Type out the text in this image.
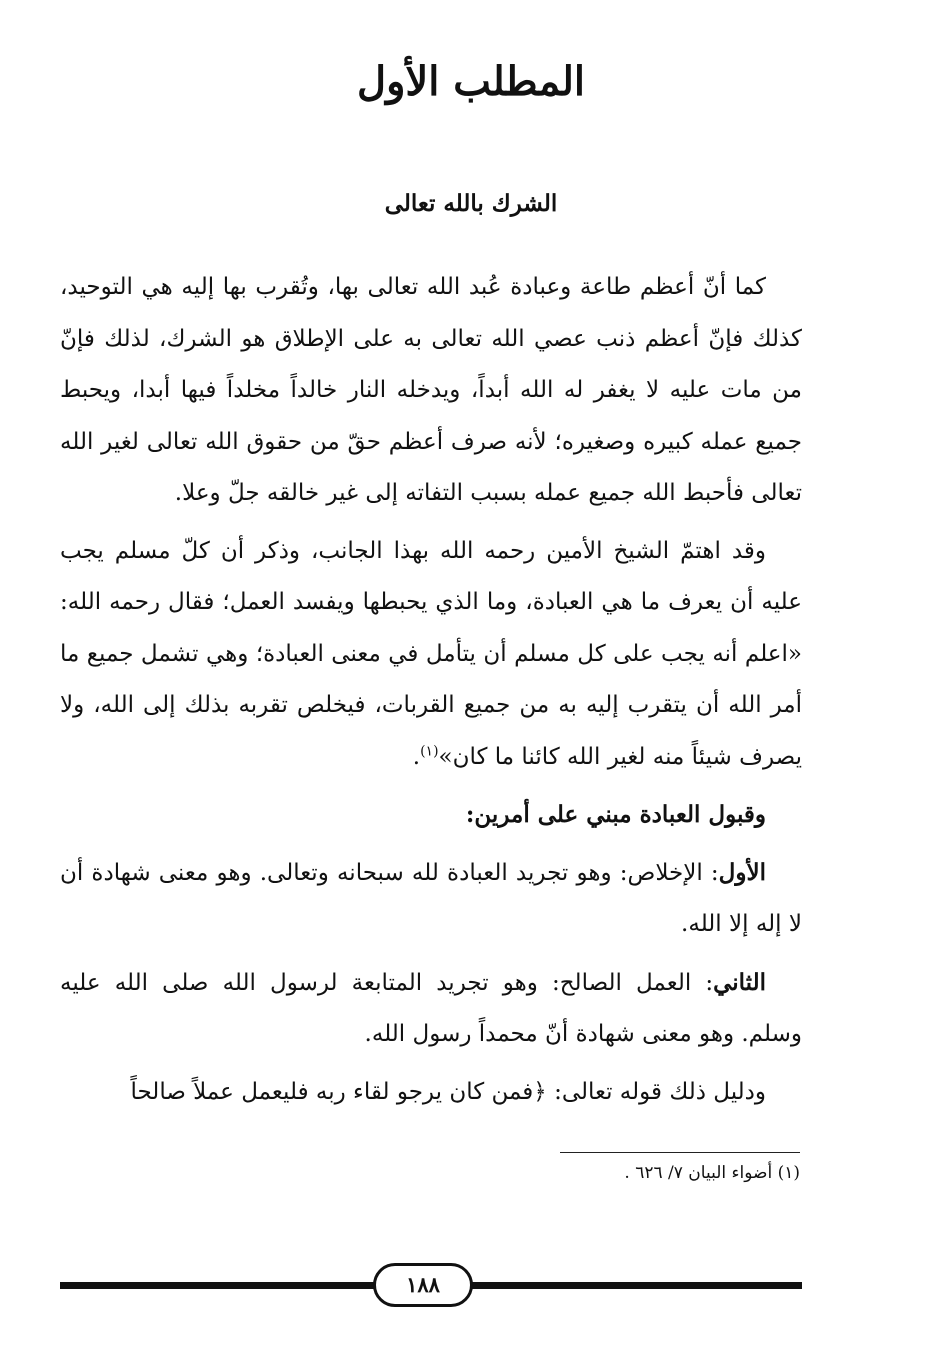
المطلب الأول
الشرك بالله تعالى

كما أنّ أعظم طاعة وعبادة عُبد الله تعالى بها، وتُقرب بها إليه هي التوحيد، كذلك فإنّ أعظم ذنب عصي الله تعالى به على الإطلاق هو الشرك، لذلك فإنّ من مات عليه لا يغفر له الله أبداً، ويدخله النار خالداً مخلداً فيها أبدا، ويحبط جميع عمله كبيره وصغيره؛ لأنه صرف أعظم حقّ من حقوق الله تعالى لغير الله تعالى فأحبط الله جميع عمله بسبب التفاته إلى غير خالقه جلّ وعلا.

وقد اهتمّ الشيخ الأمين رحمه الله بهذا الجانب، وذكر أن كلّ مسلم يجب عليه أن يعرف ما هي العبادة، وما الذي يحبطها ويفسد العمل؛ فقال رحمه الله: «اعلم أنه يجب على كل مسلم أن يتأمل في معنى العبادة؛ وهي تشمل جميع ما أمر الله أن يتقرب إليه به من جميع القربات، فيخلص تقربه بذلك إلى الله، ولا يصرف شيئاً منه لغير الله كائنا ما كان»$^{(١)}$.

وقبول العبادة مبني على أمرين:

الأول: الإخلاص: وهو تجريد العبادة لله سبحانه وتعالى. وهو معنى شهادة أن لا إله إلا الله.

الثاني: العمل الصالح: وهو تجريد المتابعة لرسول الله صلى الله عليه وسلم. وهو معنى شهادة أنّ محمداً رسول الله.

ودليل ذلك قوله تعالى: ﴿فمن كان يرجو لقاء ربه فليعمل عملاً صالحاً

(١) أضواء البيان ٧/ ٦٢٦ .
١٨٨
